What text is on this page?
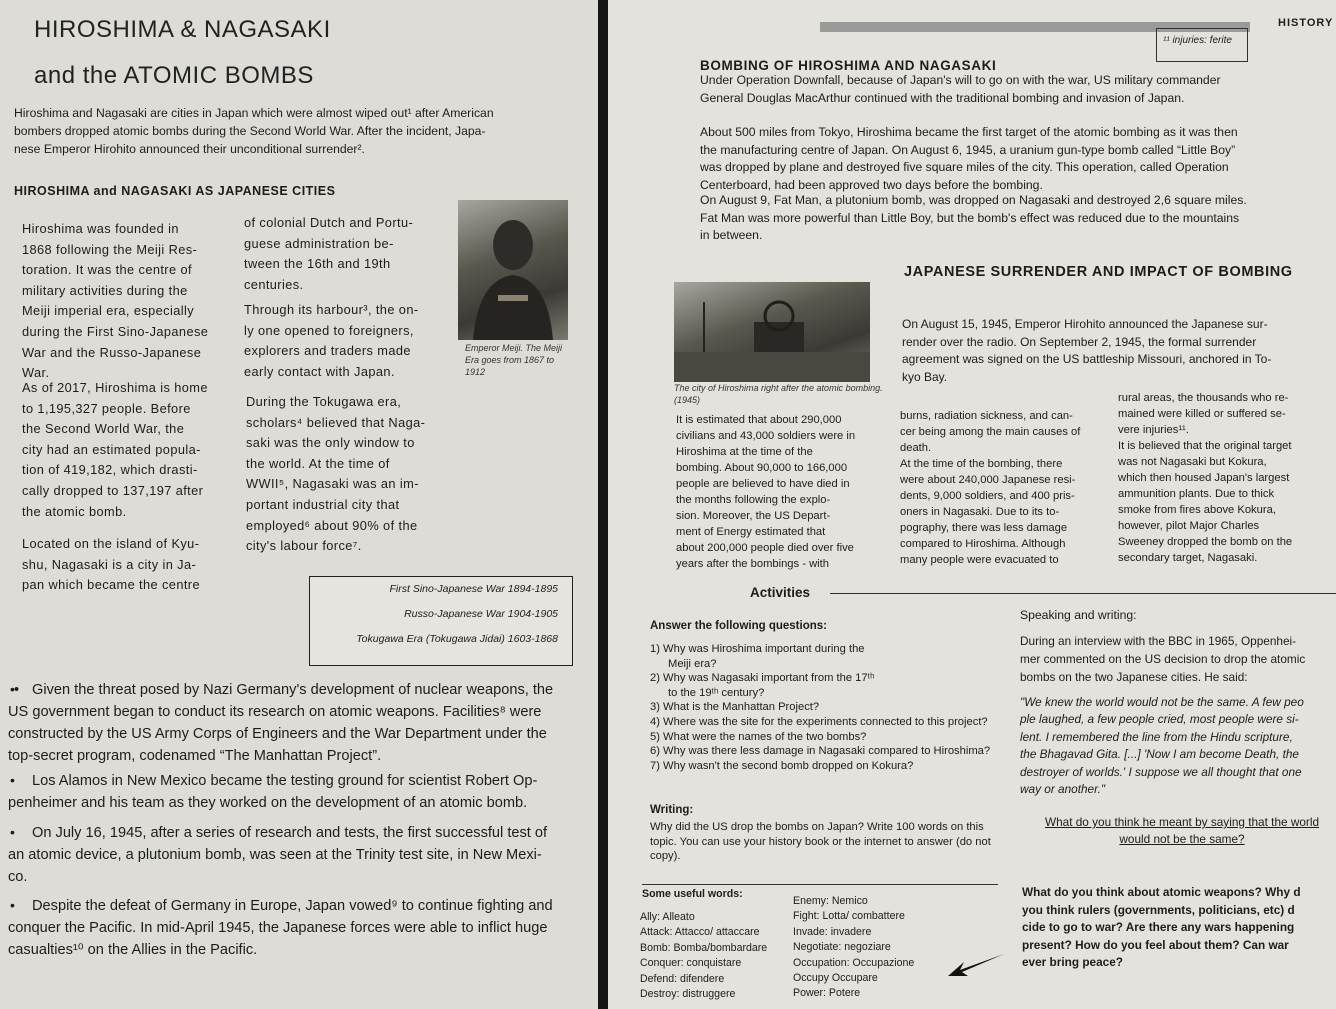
HIROSHIMA & NAGASAKI
and the ATOMIC BOMBS
Hiroshima and Nagasaki are cities in Japan which were almost wiped out¹ after American
bombers dropped atomic bombs during the Second World War. After the incident, Japa-
nese Emperor Hirohito announced their unconditional surrender².
HIROSHIMA and NAGASAKI AS JAPANESE CITIES
Hiroshima was founded in
1868 following the Meiji Res-
toration. It was the centre of
military activities during the
Meiji imperial era, especially
during the First Sino-Japanese
War and the Russo-Japanese
War.
As of 2017, Hiroshima is home
to 1,195,327 people. Before
the Second World War, the
city had an estimated popula-
tion of 419,182, which drasti-
cally dropped to 137,197 after
the atomic bomb.
Located on the island of Kyu-
shu, Nagasaki is a city in Ja-
pan which became the centre
of colonial Dutch and Portu-
guese administration be-
tween the 16th and 19th
centuries.
Through its harbour³, the on-
ly one opened to foreigners,
explorers and traders made
early contact with Japan.
During the Tokugawa era,
scholars⁴ believed that Naga-
saki was the only window to
the world. At the time of
WWII⁵, Nagasaki was an im-
portant industrial city that
employed⁶ about 90% of the
city's labour force⁷.
Emperor Meiji. The Meiji
Era goes from 1867 to
1912
First Sino-Japanese War 1894-1895
Russo-Japanese War 1904-1905
Tokugawa Era (Tokugawa Jidai) 1603-1868
Given the threat posed by Nazi Germany's development of nuclear weapons, the
US government began to conduct its research on atomic weapons. Facilities⁸ were
constructed by the US Army Corps of Engineers and the War Department under the
top-secret program, codenamed “The Manhattan Project”.
Los Alamos in New Mexico became the testing ground for scientist Robert Op-
penheimer and his team as they worked on the development of an atomic bomb.
On July 16, 1945, after a series of research and tests, the first successful test of
an atomic device, a plutonium bomb, was seen at the Trinity test site, in New Mexi-
co.
Despite the defeat of Germany in Europe, Japan vowed⁹ to continue fighting and
conquer the Pacific. In mid-April 1945, the Japanese forces were able to inflict huge
casualties¹⁰ on the Allies in the Pacific.
•
•
•
•
HISTORY
¹¹ injuries: ferite
BOMBING OF HIROSHIMA AND NAGASAKI
Under Operation Downfall, because of Japan's will to go on with the war, US military commander
General Douglas MacArthur continued with the traditional bombing and invasion of Japan.
About 500 miles from Tokyo, Hiroshima became the first target of the atomic bombing as it was then
the manufacturing centre of Japan. On August 6, 1945, a uranium gun-type bomb called “Little Boy”
was dropped by plane and destroyed five square miles of the city. This operation, called Operation
Centerboard, had been approved two days before the bombing.
On August 9, Fat Man, a plutonium bomb, was dropped on Nagasaki and destroyed 2,6 square miles.
Fat Man was more powerful than Little Boy, but the bomb's effect was reduced due to the mountains
in between.
JAPANESE SURRENDER AND IMPACT OF BOMBING
On August 15, 1945, Emperor Hirohito announced the Japanese sur-
render over the radio. On September 2, 1945, the formal surrender
agreement was signed on the US battleship Missouri, anchored in To-
kyo Bay.
The city of Hiroshima right after the atomic bombing.
(1945)
It is estimated that about 290,000
civilians and 43,000 soldiers were in
Hiroshima at the time of the
bombing. About 90,000 to 166,000
people are believed to have died in
the months following the explo-
sion. Moreover, the US Depart-
ment of Energy estimated that
about 200,000 people died over five
years after the bombings - with
burns, radiation sickness, and can-
cer being among the main causes of
death.
At the time of the bombing, there
were about 240,000 Japanese resi-
dents, 9,000 soldiers, and 400 pris-
oners in Nagasaki. Due to its to-
pography, there was less damage
compared to Hiroshima. Although
many people were evacuated to
rural areas, the thousands who re-
mained were killed or suffered se-
vere injuries¹¹.
It is believed that the original target
was not Nagasaki but Kokura,
which then housed Japan's largest
ammunition plants. Due to thick
smoke from fires above Kokura,
however, pilot Major Charles
Sweeney dropped the bomb on the
secondary target, Nagasaki.
Activities
Answer the following questions:
1) Why was Hiroshima important during the
Meiji era?
2) Why was Nagasaki important from the 17ᵗʰ
to the 19ᵗʰ century?
3) What is the Manhattan Project?
4) Where was the site for the experiments connected to this project?
5) What were the names of the two bombs?
6) Why was there less damage in Nagasaki compared to Hiroshima?
7) Why wasn't the second bomb dropped on Kokura?
Writing:
Why did the US drop the bombs on Japan? Write 100 words on this
topic. You can use your history book or the internet to answer (do not
copy).
Some useful words:
Ally: Alleato
Attack: Attacco/ attaccare
Bomb: Bomba/bombardare
Conquer: conquistare
Defend: difendere
Destroy: distruggere
Enemy: Nemico
Fight: Lotta/ combattere
Invade: invadere
Negotiate: negoziare
Occupation: Occupazione
Occupy Occupare
Power: Potere
Speaking and writing:
During an interview with the BBC in 1965, Oppenhei-
mer commented on the US decision to drop the atomic
bombs on the two Japanese cities. He said:
"We knew the world would not be the same. A few peo
ple laughed, a few people cried, most people were si-
lent. I remembered the line from the Hindu scripture,
the Bhagavad Gita. [...] 'Now I am become Death, the
destroyer of worlds.' I suppose we all thought that one
way or another."
What do you think he meant by saying that the world
would not be the same?
What do you think about atomic weapons? Why d
you think rulers (governments, politicians, etc) d
cide to go to war? Are there any wars happening
present? How do you feel about them? Can war
ever bring peace?
